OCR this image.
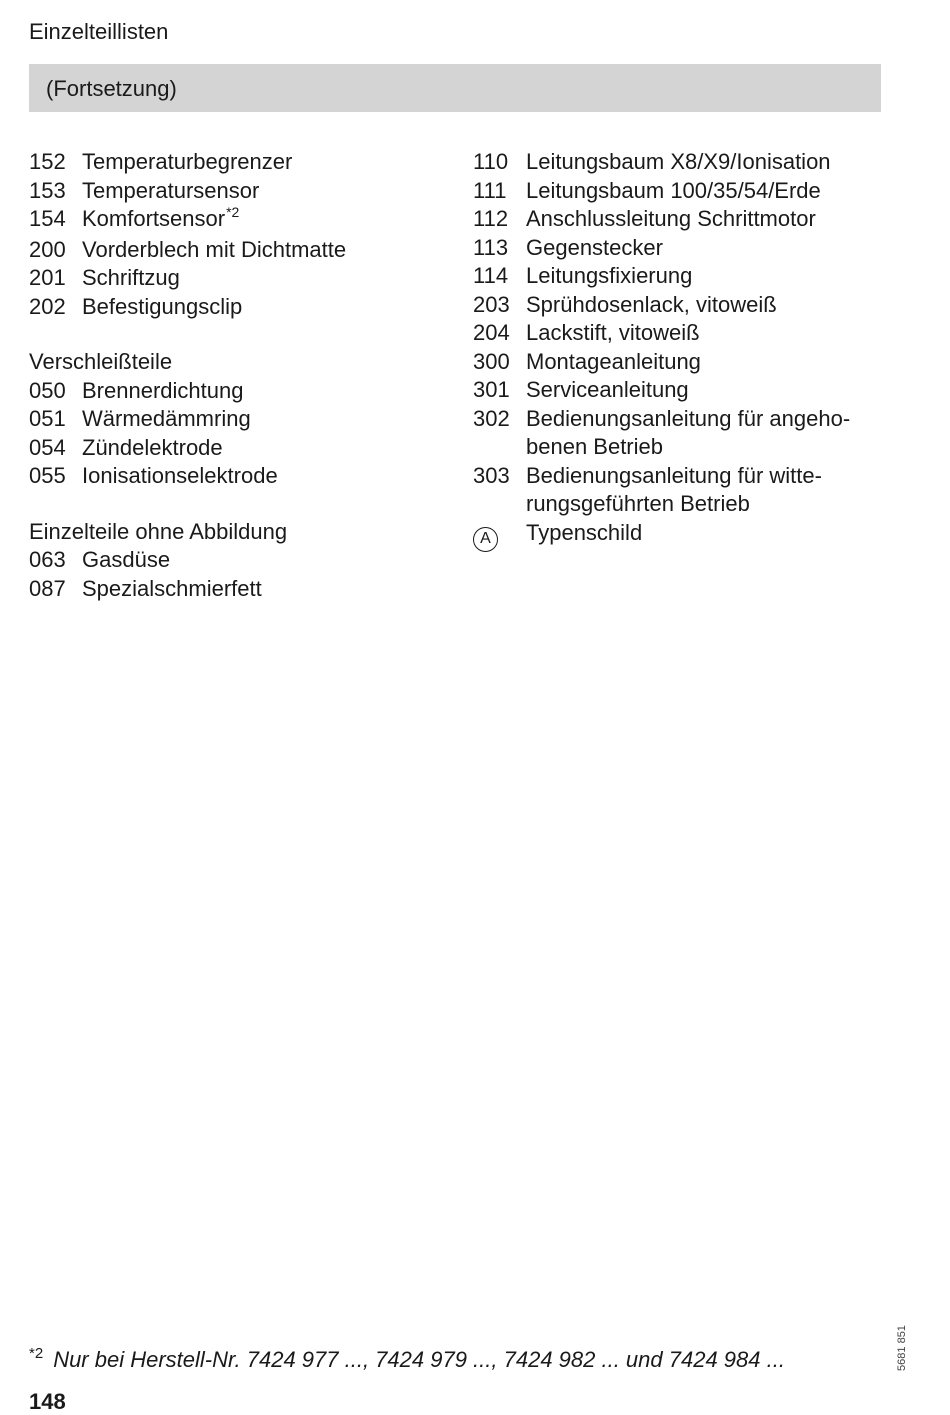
Einzelteillisten
(Fortsetzung)
152 Temperaturbegrenzer
153 Temperatursensor
154 Komfortsensor$^{*2}$
200 Vorderblech mit Dichtmatte
201 Schriftzug
202 Befestigungsclip
Verschleißteile
050 Brennerdichtung
051 Wärmedämmring
054 Zündelektrode
055 Ionisationselektrode
Einzelteile ohne Abbildung
063 Gasdüse
087 Spezialschmierfett
110 Leitungsbaum X8/X9/Ionisation
111 Leitungsbaum 100/35/54/Erde
112 Anschlussleitung Schrittmotor
113 Gegenstecker
114 Leitungsfixierung
203 Sprühdosenlack, vitoweiß
204 Lackstift, vitoweiß
300 Montageanleitung
301 Serviceanleitung
302 Bedienungsanleitung für angeho-
benen Betrieb
303 Bedienungsanleitung für witte-
rungsgeführten Betrieb
A	Typenschild
5681 851
$^{*2}$ Nur bei Herstell-Nr. 7424 977 ..., 7424 979 ..., 7424 982 ... und 7424 984 ...
148
